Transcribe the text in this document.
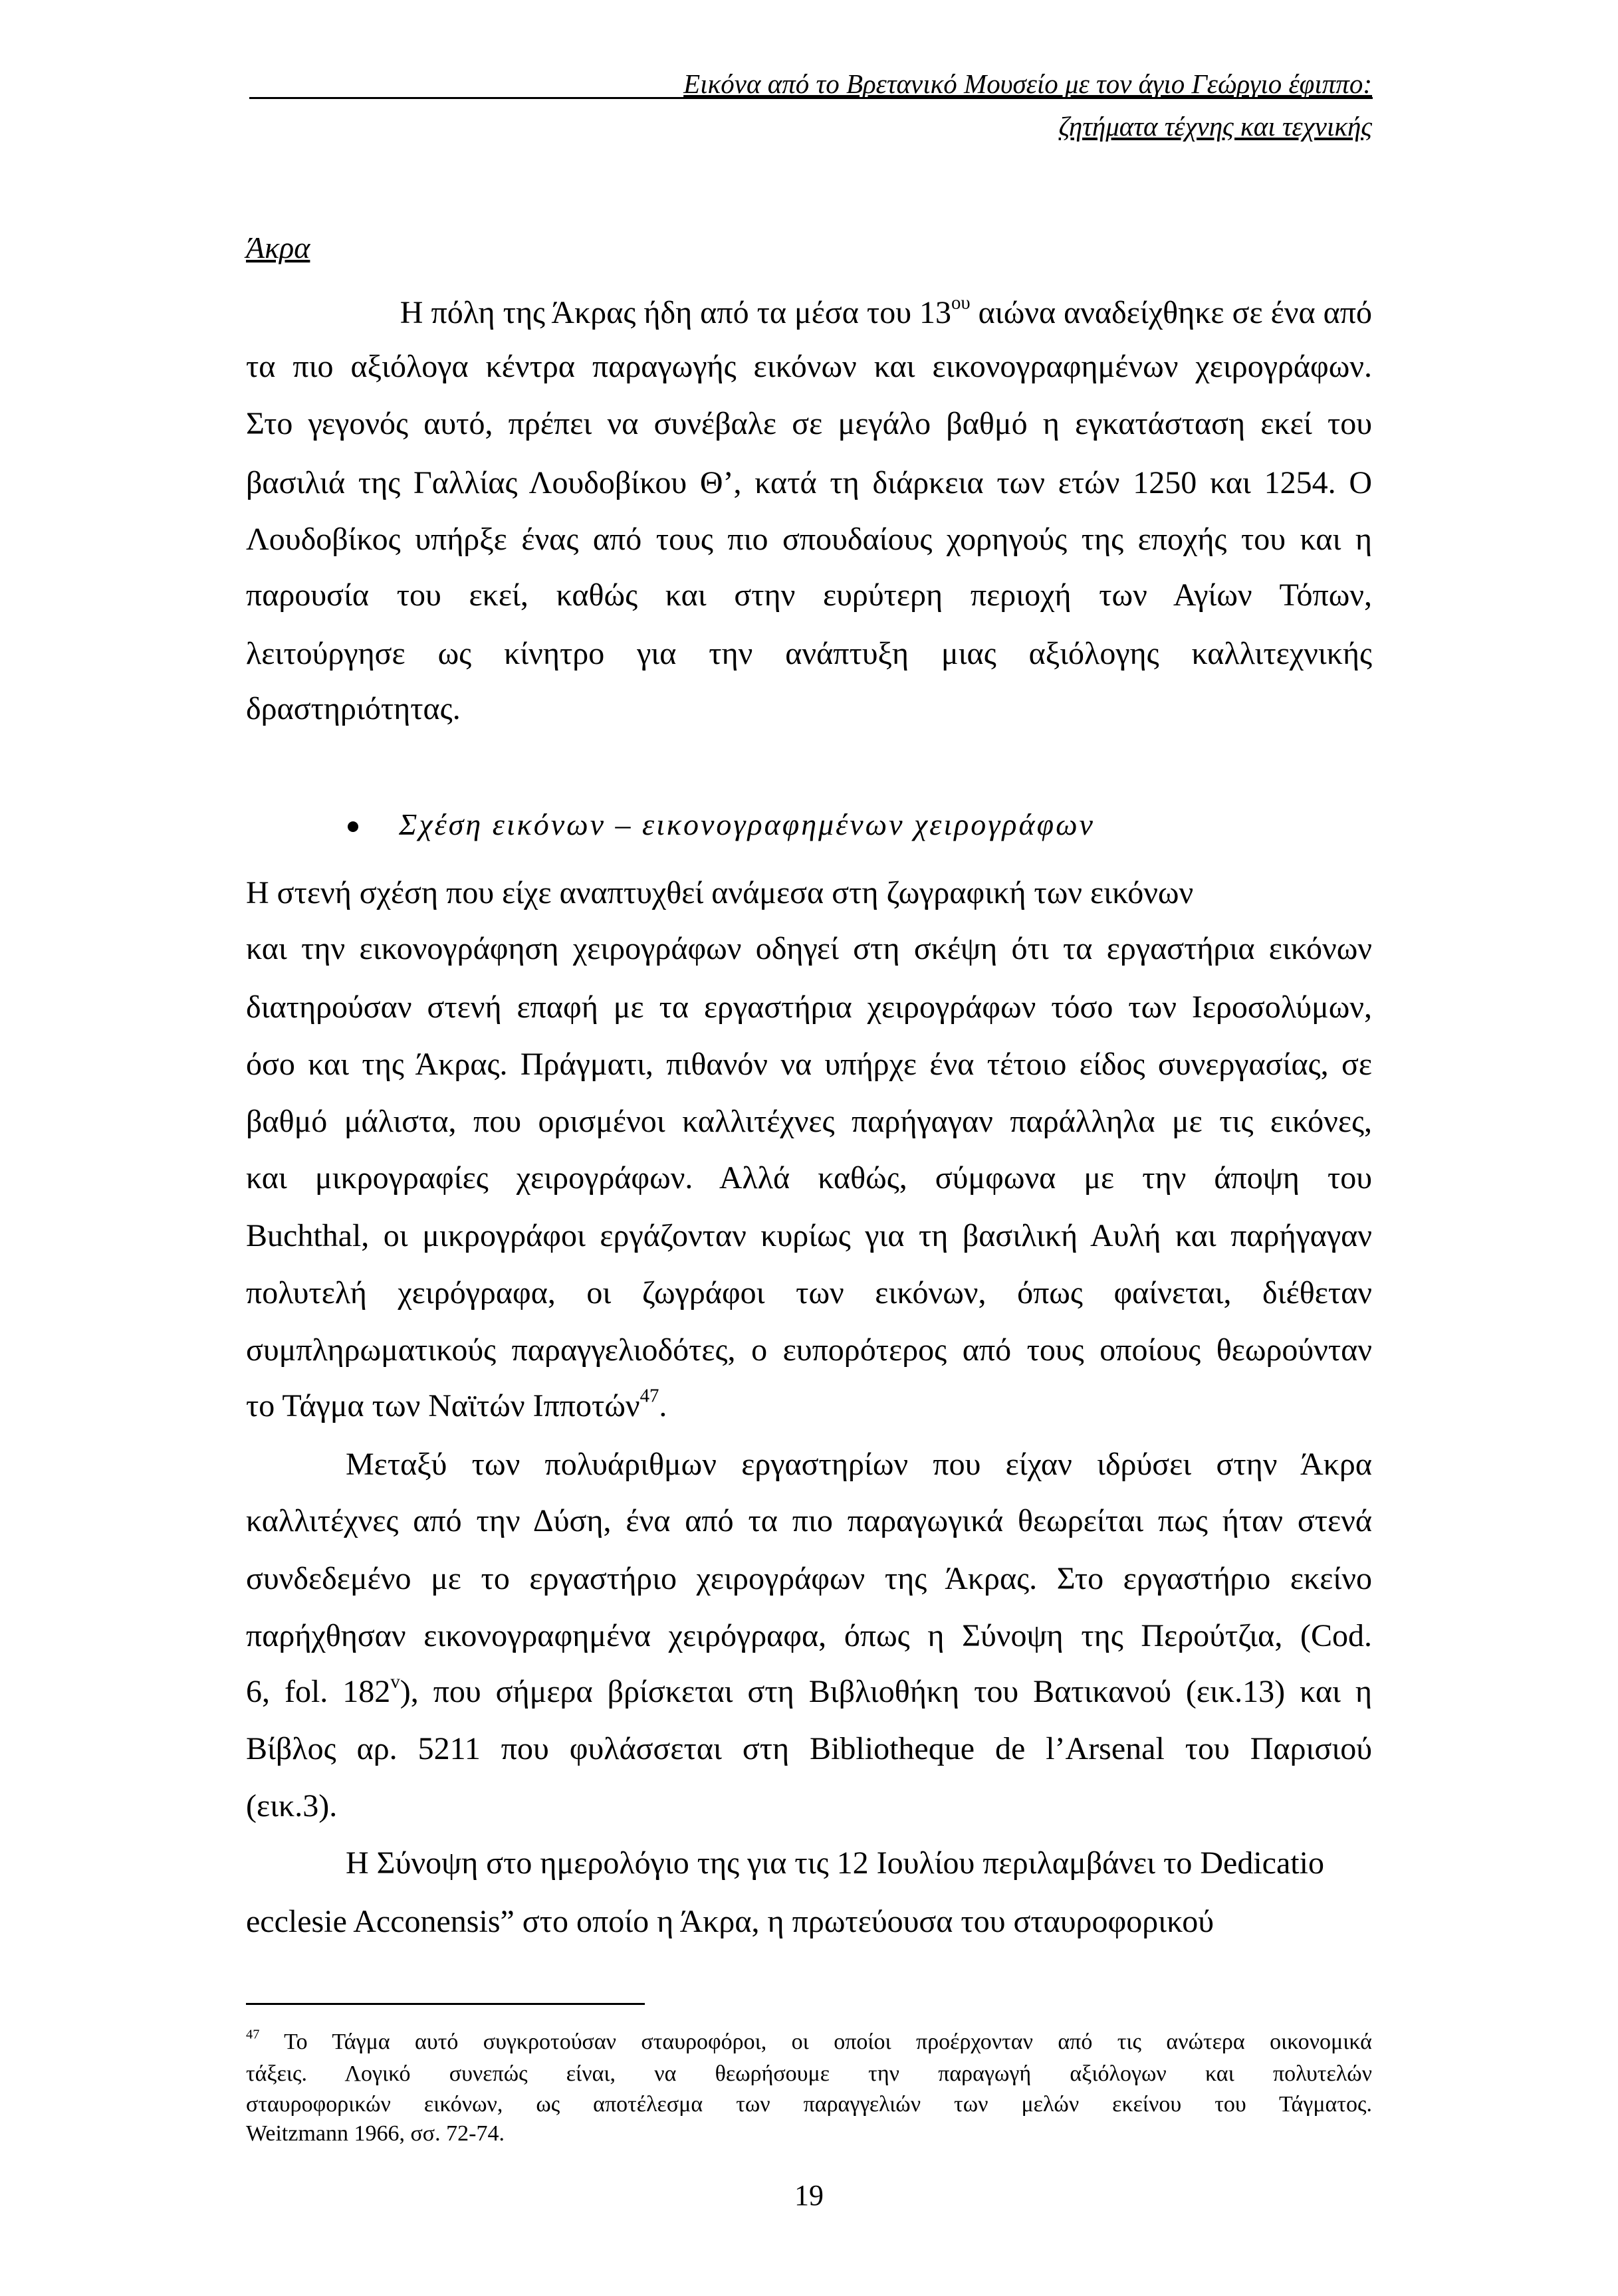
Εικόνα από το Βρετανικό Μουσείο με τον άγιο Γεώργιο έφιππο:
ζητήματα τέχνης και τεχνικής
Άκρα
Η πόλη της Άκρας ήδη από τα μέσα του $13^{o\upsilon}$ αιώνα αναδείχθηκε σε ένα από
τα πιο αξιόλογα κέντρα παραγωγής εικόνων και εικονογραφημένων χειρογράφων.
Στο γεγονός αυτό, πρέπει να συνέβαλε σε μεγάλο βαθμό η εγκατάσταση εκεί του
βασιλιά της Γαλλίας Λουδοβίκου Θ’, κατά τη διάρκεια των ετών 1250 και 1254. Ο
Λουδοβίκος υπήρξε ένας από τους πιο σπουδαίους χορηγούς της εποχής του και η
παρουσία του εκεί, καθώς και στην ευρύτερη περιοχή των Αγίων Τόπων,
λειτούργησε ως κίνητρο για την ανάπτυξη μιας αξιόλογης καλλιτεχνικής
δραστηριότητας.
Σχέση εικόνων – εικονογραφημένων χειρογράφων
Η στενή σχέση που είχε αναπτυχθεί ανάμεσα στη ζωγραφική των εικόνων
και την εικονογράφηση χειρογράφων οδηγεί στη σκέψη ότι τα εργαστήρια εικόνων
διατηρούσαν στενή επαφή με τα εργαστήρια χειρογράφων τόσο των Ιεροσολύμων,
όσο και της Άκρας. Πράγματι, πιθανόν να υπήρχε ένα τέτοιο είδος συνεργασίας, σε
βαθμό μάλιστα, που ορισμένοι καλλιτέχνες παρήγαγαν παράλληλα με τις εικόνες,
και μικρογραφίες χειρογράφων. Αλλά καθώς, σύμφωνα με την άποψη του
Buchthal, οι μικρογράφοι εργάζονταν κυρίως για τη βασιλική Αυλή και παρήγαγαν
πολυτελή χειρόγραφα, οι ζωγράφοι των εικόνων, όπως φαίνεται, διέθεταν
συμπληρωματικούς παραγγελιοδότες, ο ευπορότερος από τους οποίους θεωρούνταν
το Τάγμα των Ναϊτών Ιπποτών$^{47}$.
Μεταξύ των πολυάριθμων εργαστηρίων που είχαν ιδρύσει στην Άκρα
καλλιτέχνες από την Δύση, ένα από τα πιο παραγωγικά θεωρείται πως ήταν στενά
συνδεδεμένο με το εργαστήριο χειρογράφων της Άκρας. Στο εργαστήριο εκείνο
παρήχθησαν εικονογραφημένα χειρόγραφα, όπως η Σύνοψη της Περούτζια, (Cod.
6, fol. 182$^v$), που σήμερα βρίσκεται στη Βιβλιοθήκη του Βατικανού (εικ.13) και η
Βίβλος αρ. 5211 που φυλάσσεται στη Bibliotheque de l’Arsenal του Παρισιού
(εικ.3).
Η Σύνοψη στο ημερολόγιο της για τις 12 Ιουλίου περιλαμβάνει το Dedicatio
ecclesie Acconensis” στο οποίο η Άκρα, η πρωτεύουσα του σταυροφορικού
$^{47}$ Το Τάγμα αυτό συγκροτούσαν σταυροφόροι, οι οποίοι προέρχονταν από τις ανώτερα οικονομικά
τάξεις. Λογικό συνεπώς είναι, να θεωρήσουμε την παραγωγή αξιόλογων και πολυτελών
σταυροφορικών εικόνων, ως αποτέλεσμα των παραγγελιών των μελών εκείνου του Τάγματος.
Weitzmann 1966, σσ. 72-74.
19
